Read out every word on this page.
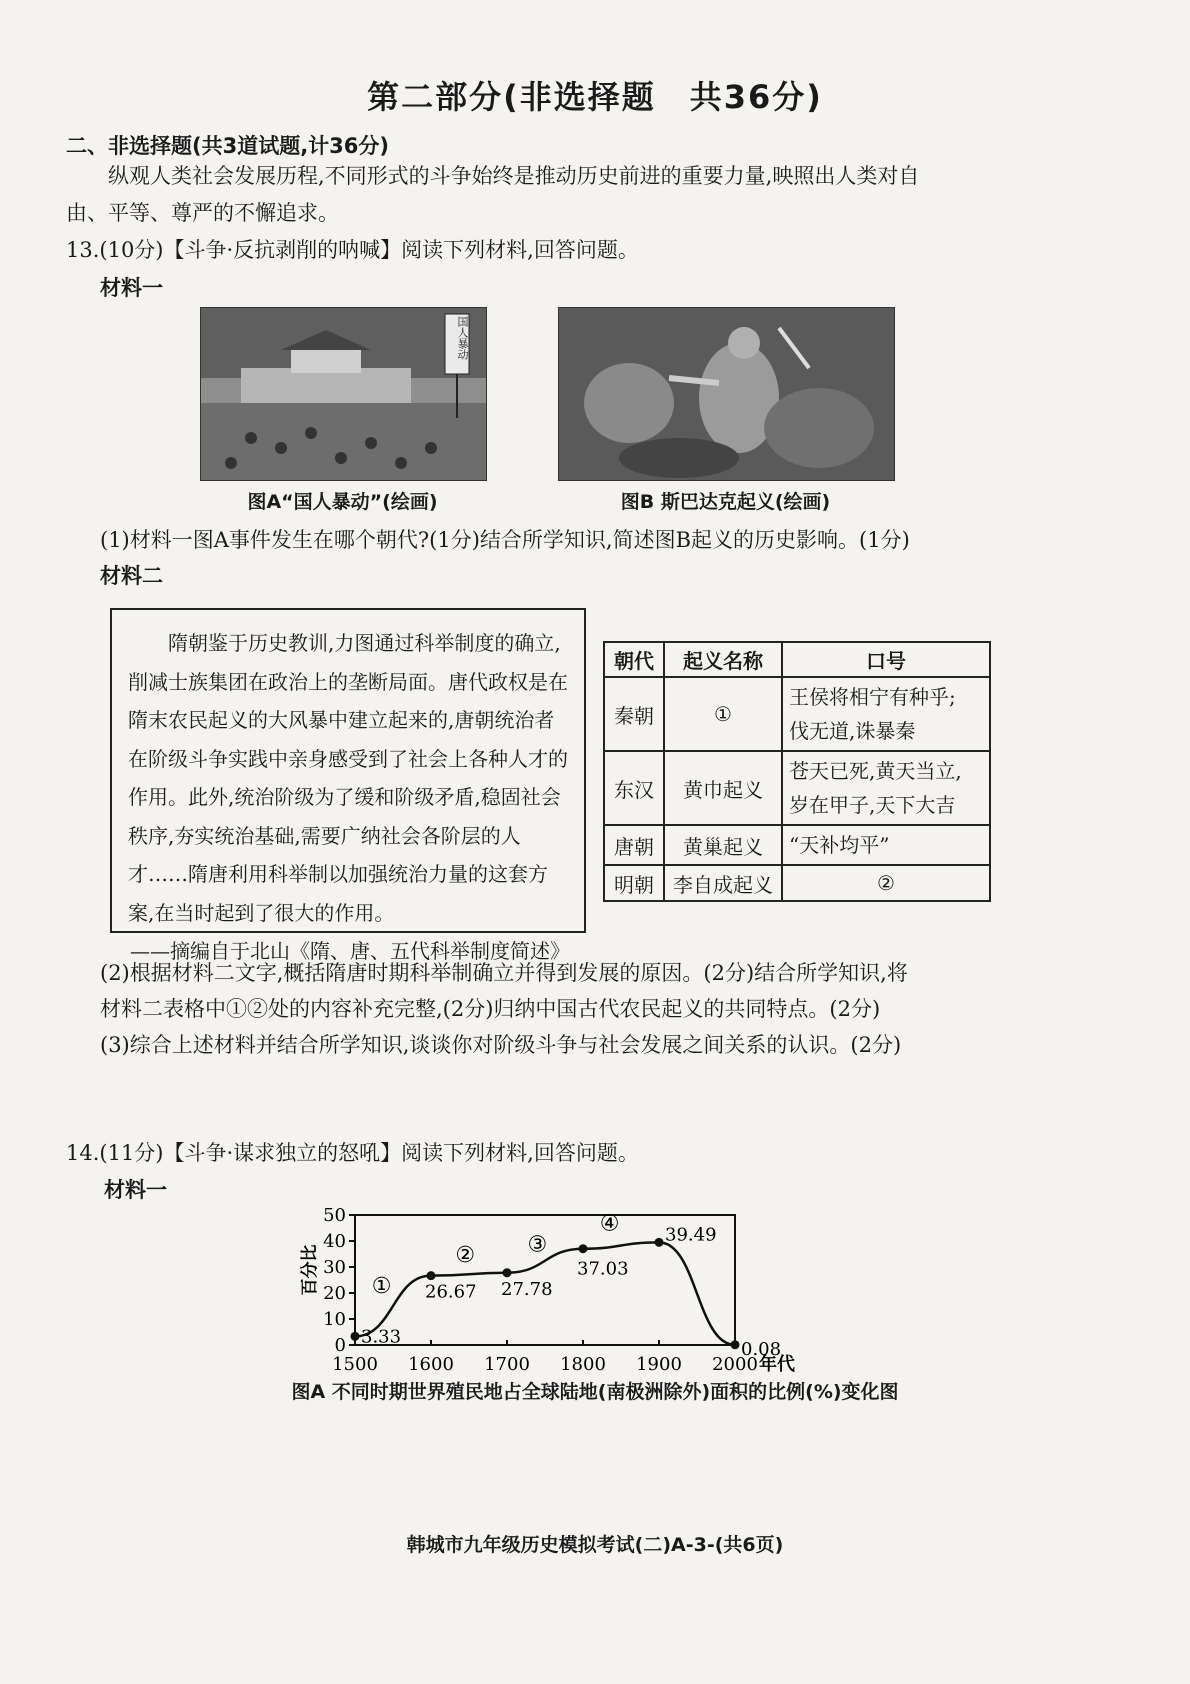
第二部分(非选择题　共36分)
二、非选择题(共3道试题,计36分)
纵观人类社会发展历程,不同形式的斗争始终是推动历史前进的重要力量,映照出人类对自
由、平等、尊严的不懈追求。
13.(10分)【斗争·反抗剥削的呐喊】阅读下列材料,回答问题。
材料一
国人暴动
图A“国人暴动”(绘画)	图B 斯巴达克起义(绘画)
(1)材料一图A事件发生在哪个朝代?(1分)结合所学知识,简述图B起义的历史影响。(1分)
材料二
隋朝鉴于历史教训,力图通过科举制度的确立,削减士族集团在政治上的垄断局面。唐代政权是在隋末农民起义的大风暴中建立起来的,唐朝统治者在阶级斗争实践中亲身感受到了社会上各种人才的作用。此外,统治阶级为了缓和阶级矛盾,稳固社会秩序,夯实统治基础,需要广纳社会各阶层的人才……隋唐利用科举制以加强统治力量的这套方案,在当时起到了很大的作用。
——摘编自于北山《隋、唐、五代科举制度简述》
朝代	起义名称	口号
秦朝	①	王侯将相宁有种乎;
伐无道,诛暴秦
东汉	黄巾起义	苍天已死,黄天当立,
岁在甲子,天下大吉
唐朝	黄巢起义	“天补均平”
明朝	李自成起义	②
(2)根据材料二文字,概括隋唐时期科举制确立并得到发展的原因。(2分)结合所学知识,将
材料二表格中①②处的内容补充完整,(2分)归纳中国古代农民起义的共同特点。(2分)
(3)综合上述材料并结合所学知识,谈谈你对阶级斗争与社会发展之间关系的认识。(2分)
14.(11分)【斗争·谋求独立的怒吼】阅读下列材料,回答问题。
材料一
0
10
20
30
40
50
1500 1600 1700 1800 1900 2000
3.33
26.67 27.78
37.03
39.49
0.08
①
② ③
④
百分比
年代
图A 不同时期世界殖民地占全球陆地(南极洲除外)面积的比例(%)变化图
韩城市九年级历史模拟考试(二)A-3-(共6页)
